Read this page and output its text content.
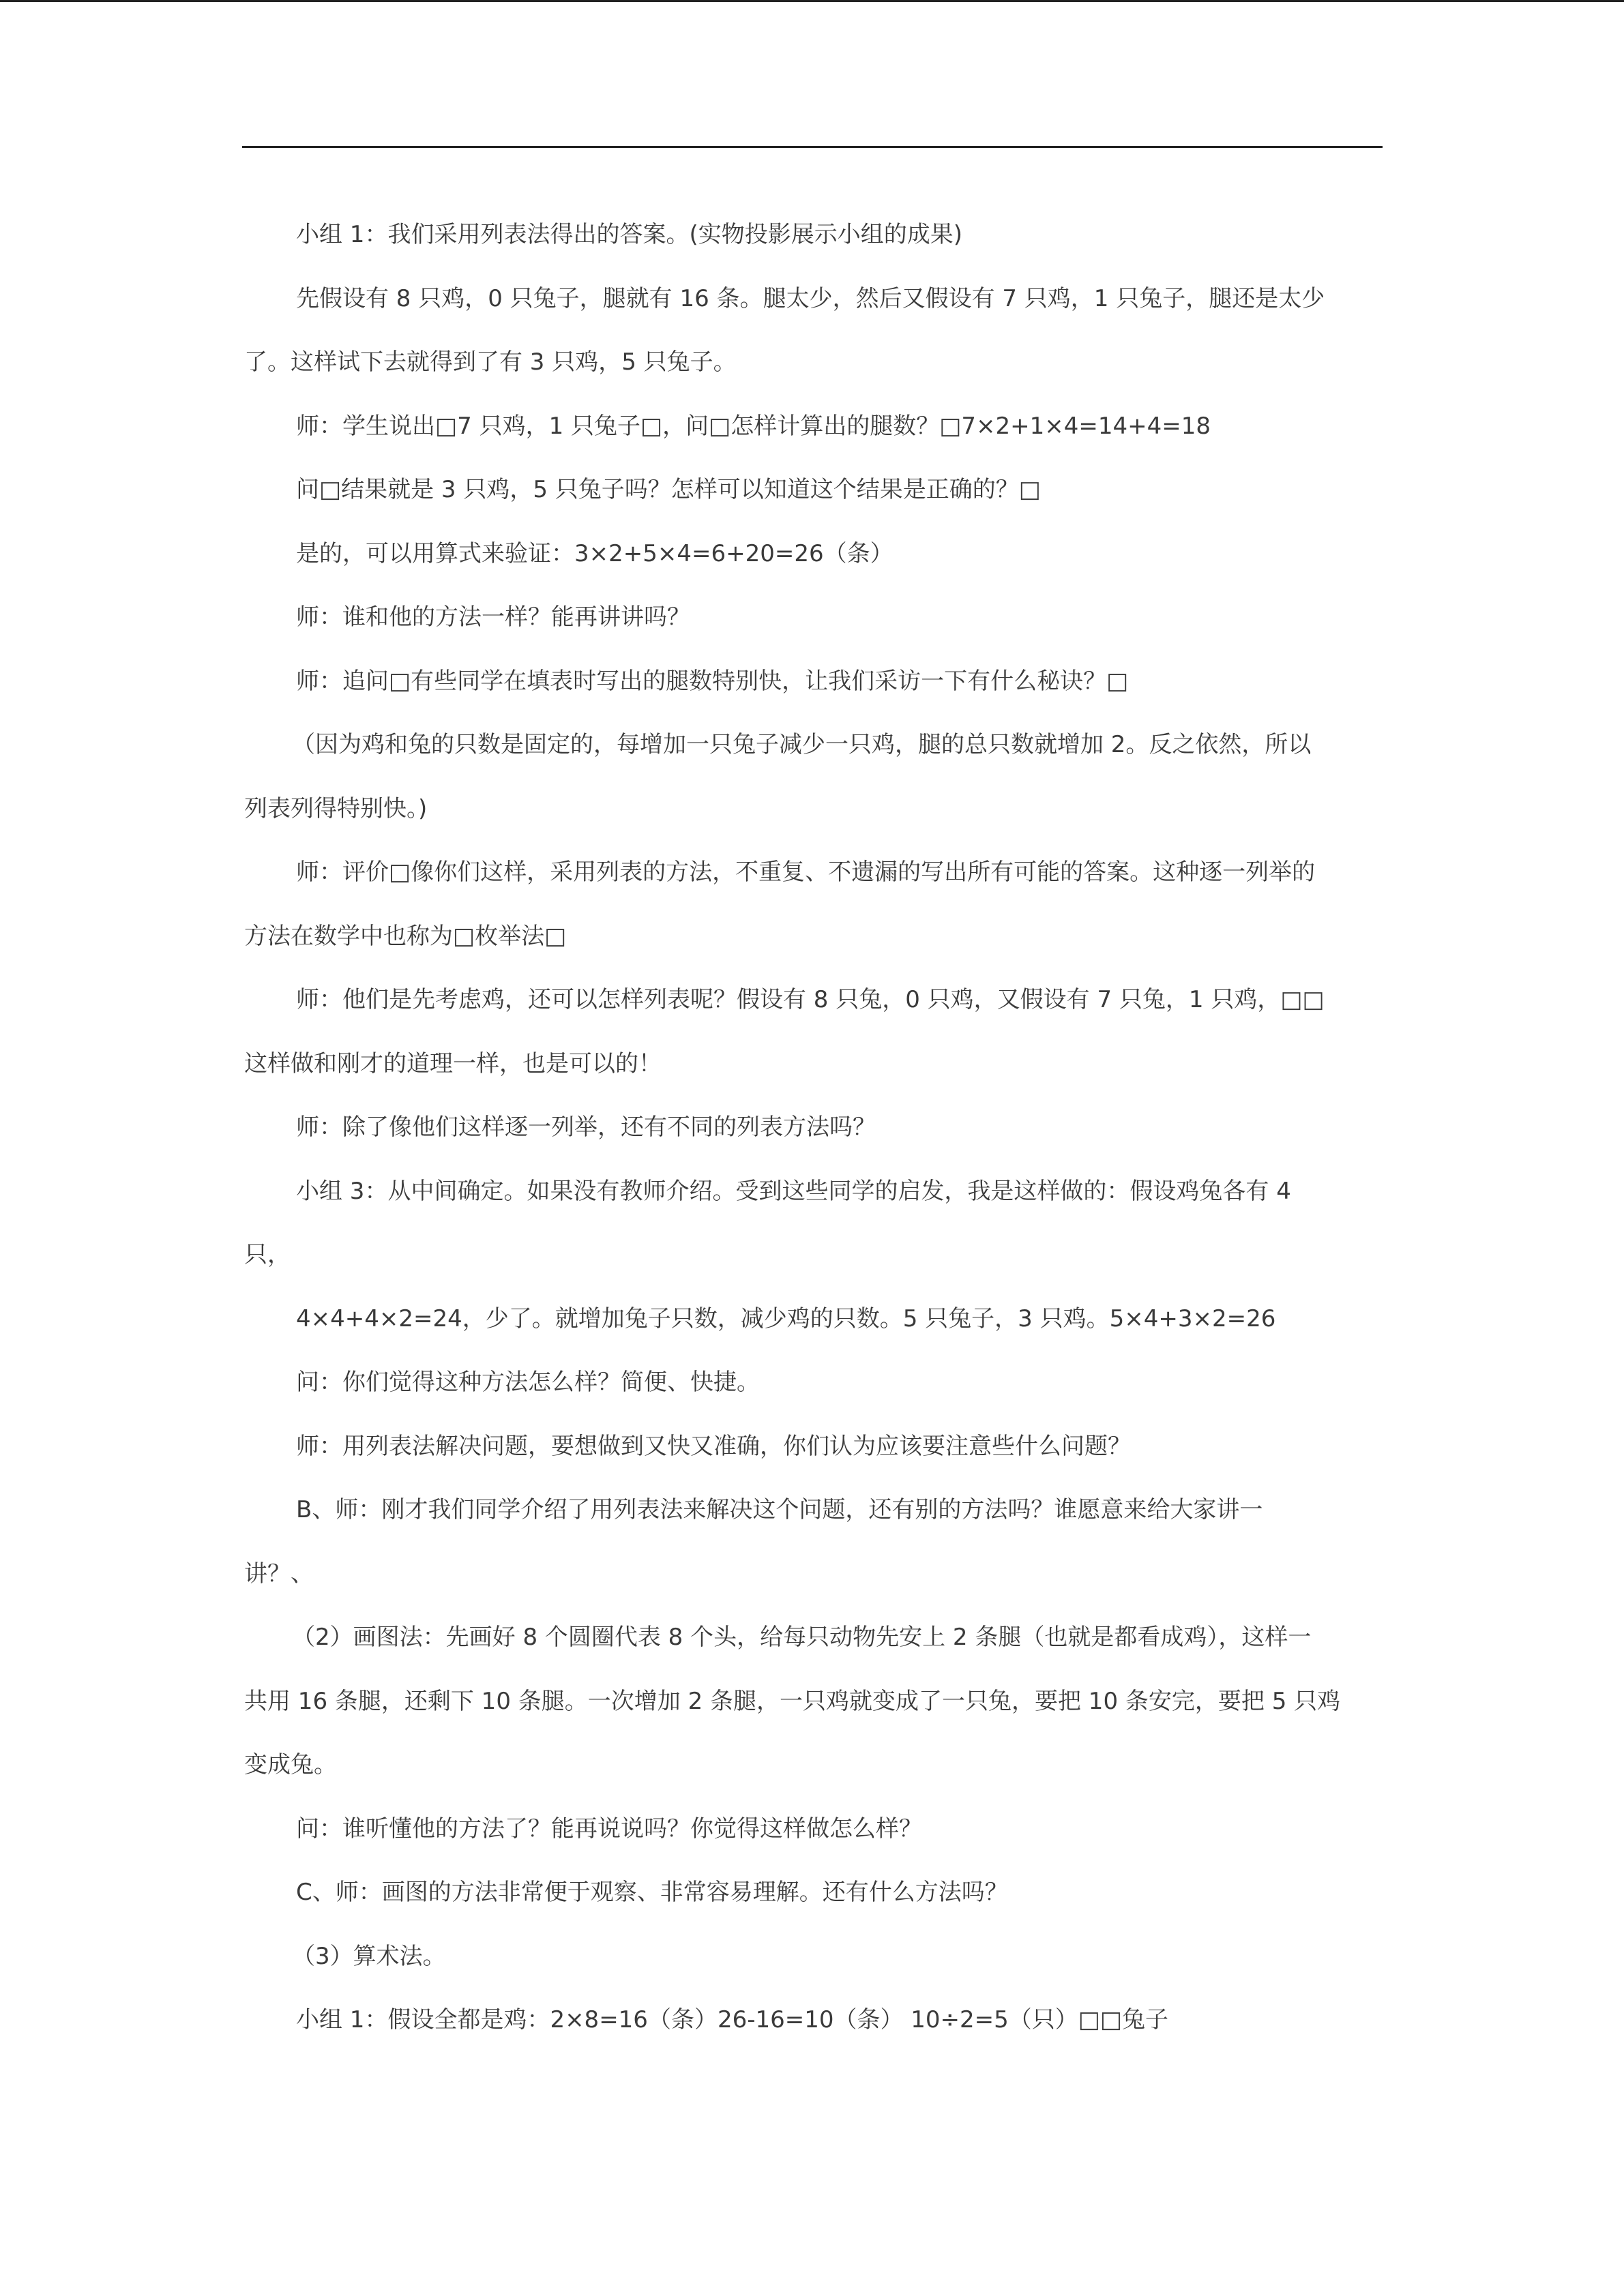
小组 1：我们采用列表法得出的答案。(实物投影展示小组的成果)

先假设有 8 只鸡，0 只兔子，腿就有 16 条。腿太少，然后又假设有 7 只鸡，1 只兔子，腿还是太少

了。这样试下去就得到了有 3 只鸡，5 只兔子。

师：学生说出□7 只鸡，1 只兔子□，问□怎样计算出的腿数？□7×2+1×4=14+4=18

问□结果就是 3 只鸡，5 只兔子吗？怎样可以知道这个结果是正确的？□

是的，可以用算式来验证：3×2+5×4=6+20=26（条）

师：谁和他的方法一样？能再讲讲吗？

师：追问□有些同学在填表时写出的腿数特别快，让我们采访一下有什么秘诀？□

（因为鸡和兔的只数是固定的，每增加一只兔子减少一只鸡，腿的总只数就增加 2。反之依然，所以

列表列得特别快。)

师：评价□像你们这样，采用列表的方法，不重复、不遗漏的写出所有可能的答案。这种逐一列举的

方法在数学中也称为□枚举法□

师：他们是先考虑鸡，还可以怎样列表呢？假设有 8 只兔，0 只鸡，又假设有 7 只兔，1 只鸡，□□

这样做和刚才的道理一样，也是可以的！

师：除了像他们这样逐一列举，还有不同的列表方法吗？

小组 3：从中间确定。如果没有教师介绍。受到这些同学的启发，我是这样做的：假设鸡兔各有 4

只，

4×4+4×2=24，少了。就增加兔子只数，减少鸡的只数。5 只兔子，3 只鸡。5×4+3×2=26

问：你们觉得这种方法怎么样？简便、快捷。

师：用列表法解决问题，要想做到又快又准确，你们认为应该要注意些什么问题？

B、师：刚才我们同学介绍了用列表法来解决这个问题，还有别的方法吗？谁愿意来给大家讲一

讲？、

（2）画图法：先画好 8 个圆圈代表 8 个头，给每只动物先安上 2 条腿（也就是都看成鸡），这样一

共用 16 条腿，还剩下 10 条腿。一次增加 2 条腿，一只鸡就变成了一只兔，要把 10 条安完，要把 5 只鸡

变成兔。

问：谁听懂他的方法了？能再说说吗？你觉得这样做怎么样？

C、师：画图的方法非常便于观察、非常容易理解。还有什么方法吗？

（3）算术法。

小组 1：假设全都是鸡：2×8=16（条）26-16=10（条） 10÷2=5（只）□□兔子
